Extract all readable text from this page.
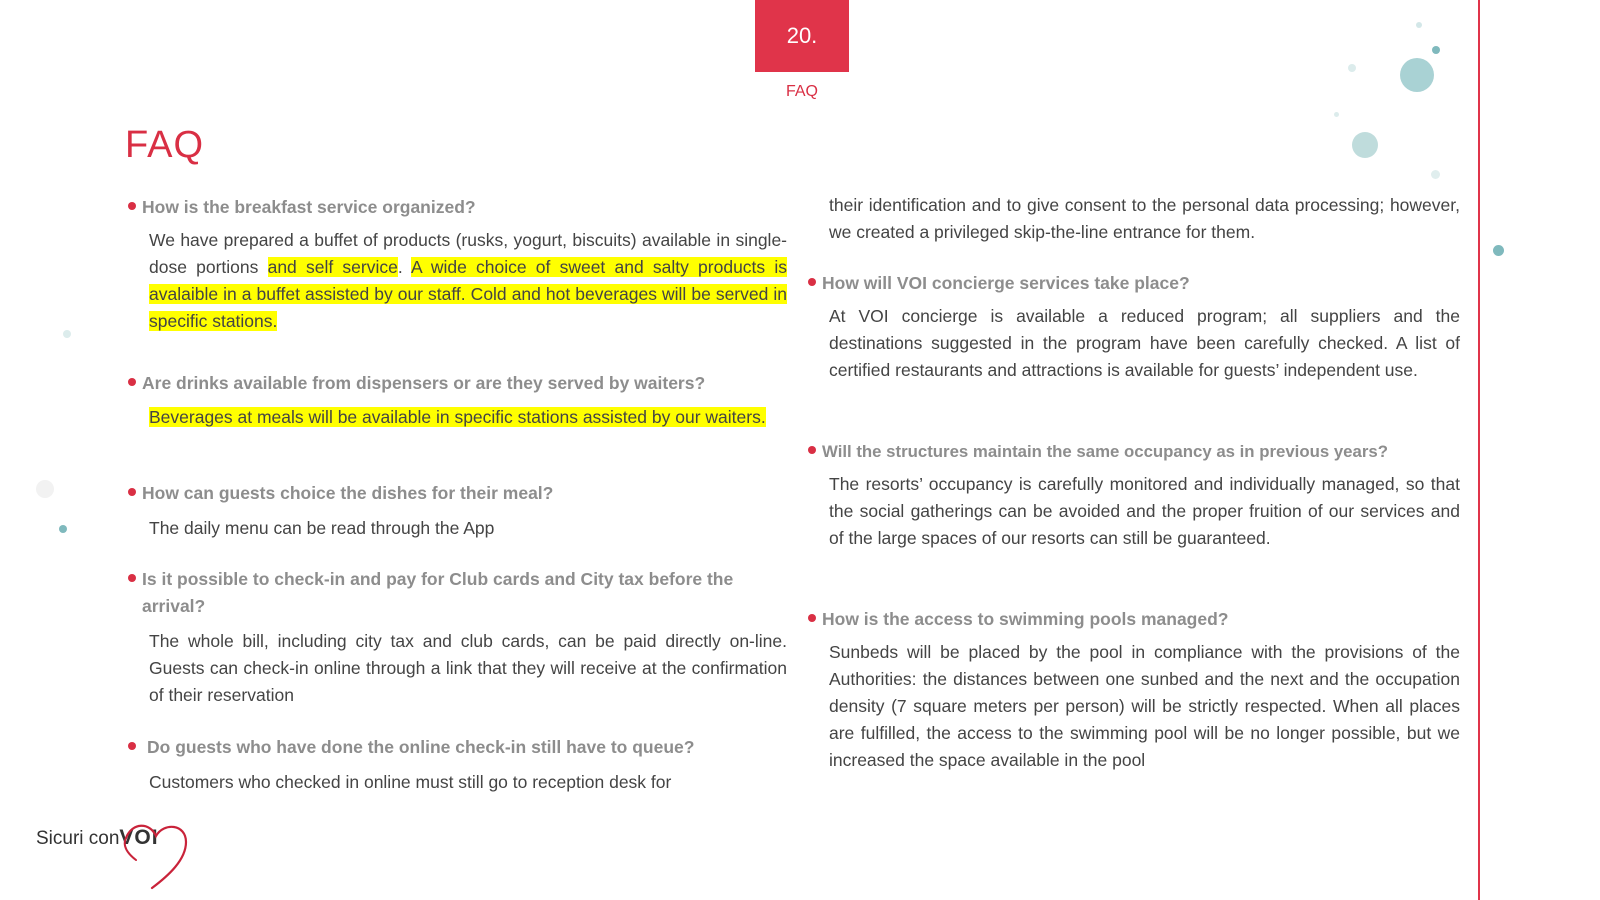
20.
FAQ
FAQ
How is the breakfast service organized?
We have prepared a buffet of products (rusks, yogurt, biscuits) available in single-dose portions and self service. A wide choice of sweet and salty products is avalaible in a buffet assisted by our staff. Cold and hot beverages will be served in specific stations.
Are drinks available from dispensers or are they served by waiters?
Beverages at meals will be available in specific stations assisted by our waiters.
How can guests choice the dishes for their meal?
The daily menu can be read through the App
Is it possible to check-in and pay for Club cards and City tax before the arrival?
The whole bill, including city tax and club cards, can be paid directly on-line. Guests can check-in online through a link that they will receive at the confirmation of their reservation
Do guests who have done the online check-in still have to queue?
Customers who checked in online must still go to reception desk for
their identification and to give consent to the personal data processing; however, we created a privileged skip-the-line entrance for them.
How will VOI concierge services take place?
At VOI concierge is available a reduced program; all suppliers and the destinations suggested in the program have been carefully checked. A list of certified restaurants and attractions is available for guests’ independent use.
Will the structures maintain the same occupancy as in previous years?
The resorts’ occupancy is carefully monitored and individually managed, so that the social gatherings can be avoided and the proper fruition of our services and of the large spaces of our resorts can still be guaranteed.
How is the access to swimming pools managed?
Sunbeds will be placed by the pool in compliance with the provisions of the Authorities: the distances between one sunbed and the next and the occupation density (7 square meters per person) will be strictly respected. When all places are fulfilled, the access to the swimming pool will be no longer possible, but we increased the space available in the pool
Sicuri conVOI
